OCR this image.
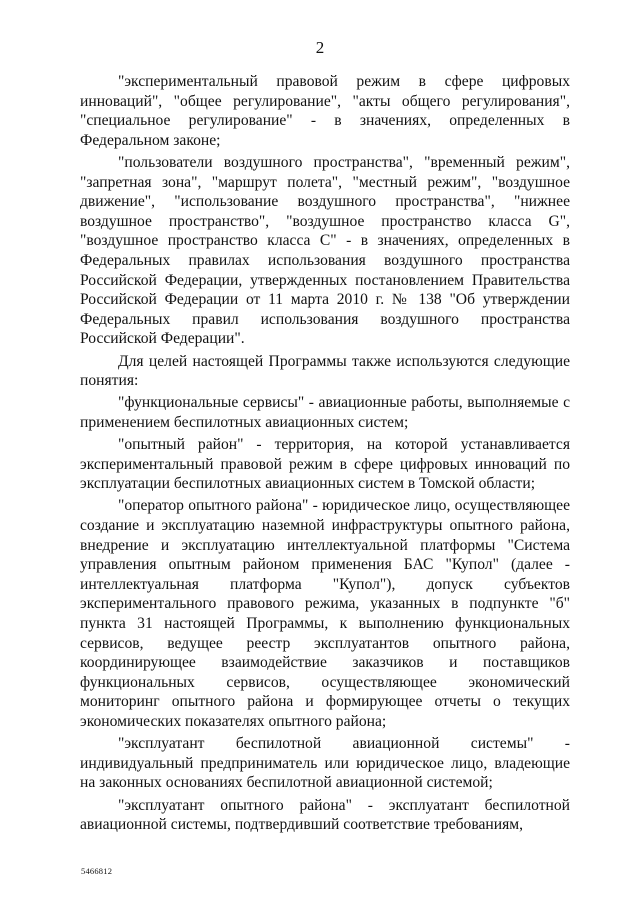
2

"экспериментальный правовой режим в сфере цифровых инноваций", "общее регулирование", "акты общего регулирования", "специальное регулирование" - в значениях, определенных в Федеральном законе;

"пользователи воздушного пространства", "временный режим", "запретная зона", "маршрут полета", "местный режим", "воздушное движение", "использование воздушного пространства", "нижнее воздушное пространство", "воздушное пространство класса G", "воздушное пространство класса C" - в значениях, определенных в Федеральных правилах использования воздушного пространства Российской Федерации, утвержденных постановлением Правительства Российской Федерации от 11 марта 2010 г. № 138 "Об утверждении Федеральных правил использования воздушного пространства Российской Федерации".

Для целей настоящей Программы также используются следующие понятия:

"функциональные сервисы" - авиационные работы, выполняемые с применением беспилотных авиационных систем;

"опытный район" - территория, на которой устанавливается экспериментальный правовой режим в сфере цифровых инноваций по эксплуатации беспилотных авиационных систем в Томской области;

"оператор опытного района" - юридическое лицо, осуществляющее создание и эксплуатацию наземной инфраструктуры опытного района, внедрение и эксплуатацию интеллектуальной платформы "Система управления опытным районом применения БАС "Купол" (далее - интеллектуальная платформа "Купол"), допуск субъектов экспериментального правового режима, указанных в подпункте "б" пункта 31 настоящей Программы, к выполнению функциональных сервисов, ведущее реестр эксплуатантов опытного района, координирующее взаимодействие заказчиков и поставщиков функциональных сервисов, осуществляющее экономический мониторинг опытного района и формирующее отчеты о текущих экономических показателях опытного района;

"эксплуатант беспилотной авиационной системы" - индивидуальный предприниматель или юридическое лицо, владеющие на законных основаниях беспилотной авиационной системой;

"эксплуатант опытного района" - эксплуатант беспилотной авиационной системы, подтвердивший соответствие требованиям,

5466812
